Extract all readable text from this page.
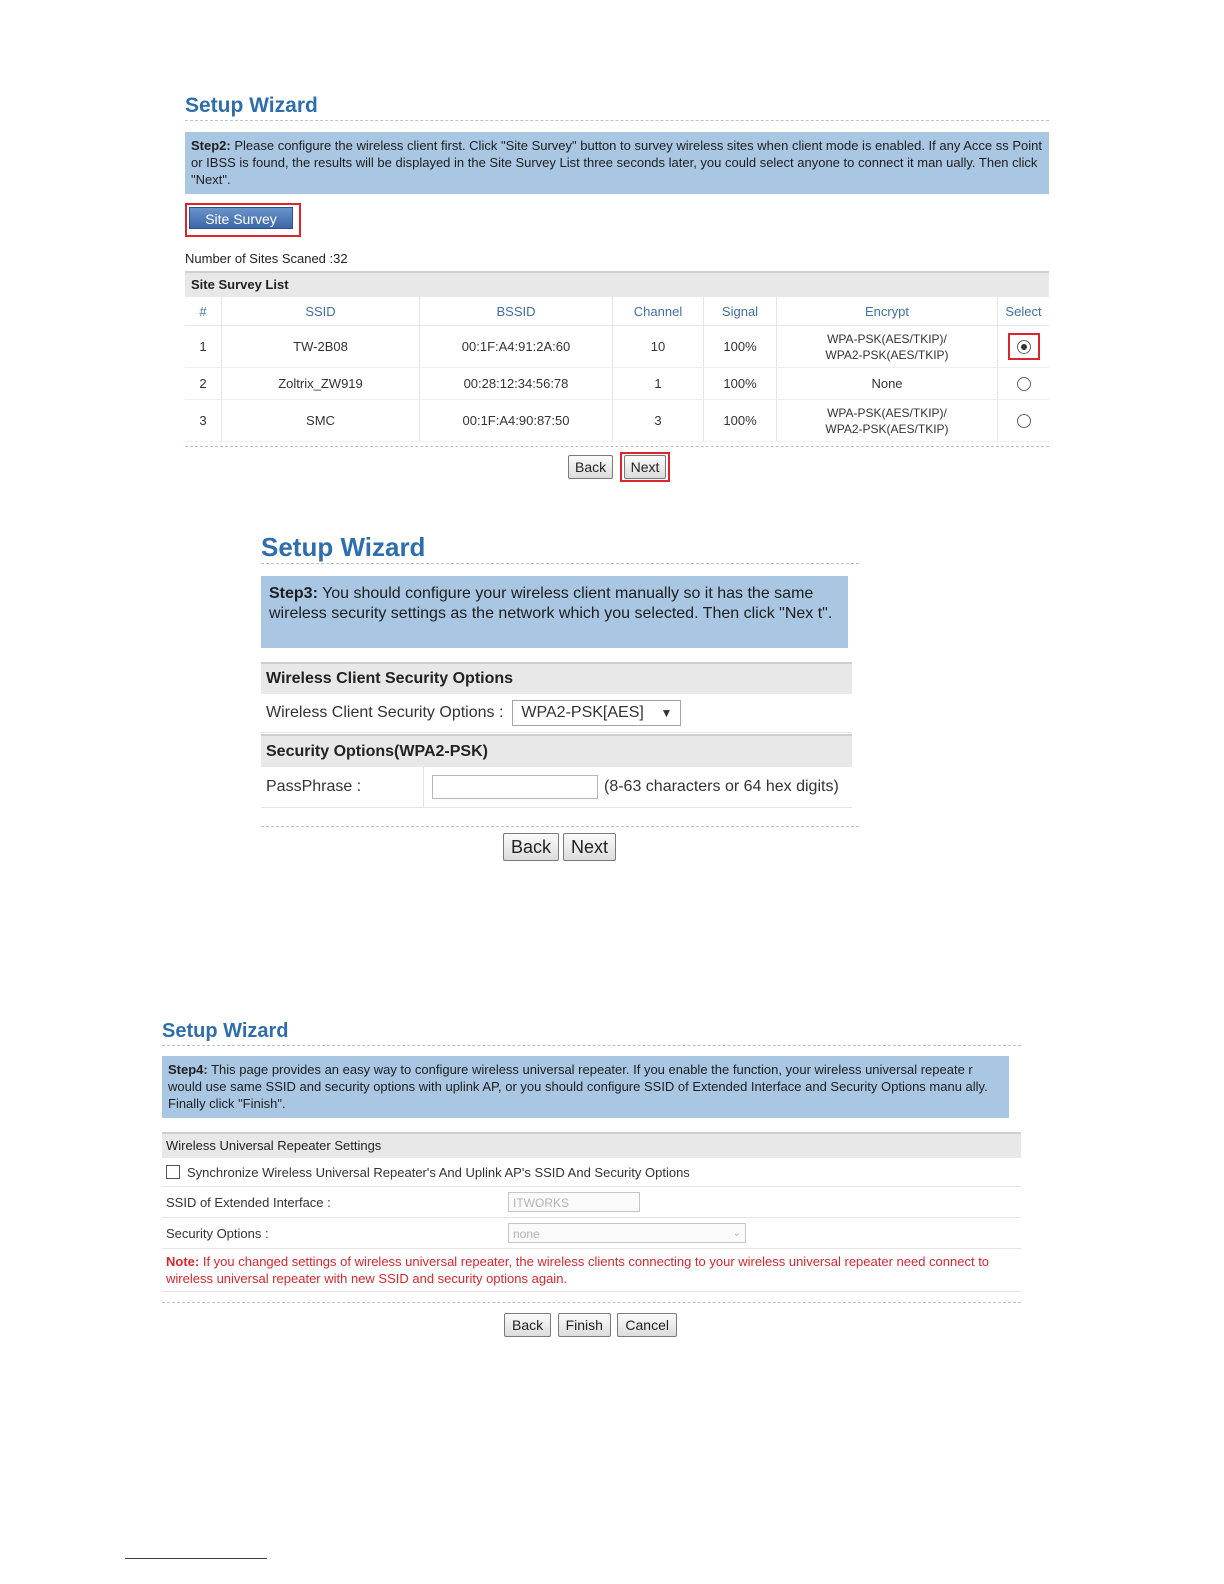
Setup Wizard
Step2: Please configure the wireless client first. Click "Site Survey" button to survey wireless sites when client mode is enabled. If any Acce ss Point or IBSS is found, the results will be displayed in the Site Survey List three seconds later, you could select anyone to connect it man ually. Then click "Next".
Site Survey
Number of Sites Scaned :32
Site Survey List
#	SSID	BSSID	Channel	Signal	Encrypt	Select
1	TW-2B08	00:1F:A4:91:2A:60	10	100%	WPA-PSK(AES/TKIP)/
WPA2-PSK(AES/TKIP)	

2	Zoltrix_ZW919	00:28:12:34:56:78	1	100%	None	
3	SMC	00:1F:A4:90:87:50	3	100%	WPA-PSK(AES/TKIP)/
WPA2-PSK(AES/TKIP)	

Back Next
Setup Wizard
Step3: You should configure your wireless client manually so it has the same wireless security settings as the network which you selected. Then click "Nex t".
Wireless Client Security Options
Wireless Client Security Options : WPA2-PSK[AES] ▼
Security Options(WPA2-PSK)
PassPhrase :	(8-63 characters or 64 hex digits)
Back Next
Setup Wizard
Step4: This page provides an easy way to configure wireless universal repeater. If you enable the function, your wireless universal repeate r would use same SSID and security options with uplink AP, or you should configure SSID of Extended Interface and Security Options manu ally. Finally click "Finish".
Wireless Universal Repeater Settings
Synchronize Wireless Universal Repeater's And Uplink AP's SSID And Security Options
SSID of Extended Interface :	ITWORKS
Security Options :	none	⌄
Note: If you changed settings of wireless universal repeater, the wireless clients connecting to your wireless universal repeater need connect to wireless universal repeater with new SSID and security options again.
Back Finish Cancel
